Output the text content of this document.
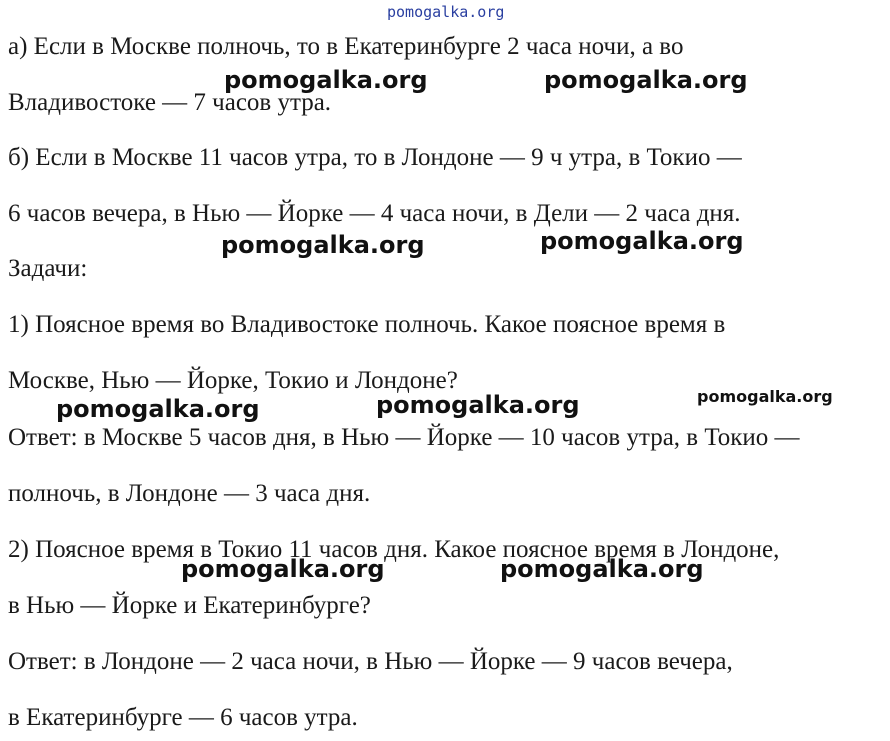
pomogalka.org
а) Если в Москве полночь, то в Екатеринбурге 2 часа ночи, а во
Владивостоке — 7 часов утра.
б) Если в Москве 11 часов утра, то в Лондоне — 9 ч утра, в Токио —
6 часов вечера, в Нью — Йорке — 4 часа ночи, в Дели — 2 часа дня.
Задачи:
1) Поясное время во Владивостоке полночь. Какое поясное время в
Москве, Нью — Йорке, Токио и Лондоне?
Ответ: в Москве 5 часов дня, в Нью — Йорке — 10 часов утра, в Токио —
полночь, в Лондоне — 3 часа дня.
2) Поясное время в Токио 11 часов дня. Какое поясное время в Лондоне,
в Нью — Йорке и Екатеринбурге?
Ответ: в Лондоне — 2 часа ночи, в Нью — Йорке — 9 часов вечера,
в Екатеринбурге — 6 часов утра.
pomogalka.org	pomogalka.org
pomogalka.org	pomogalka.org
pomogalka.org	pomogalka.org	pomogalka.org
pomogalka.org	pomogalka.org
